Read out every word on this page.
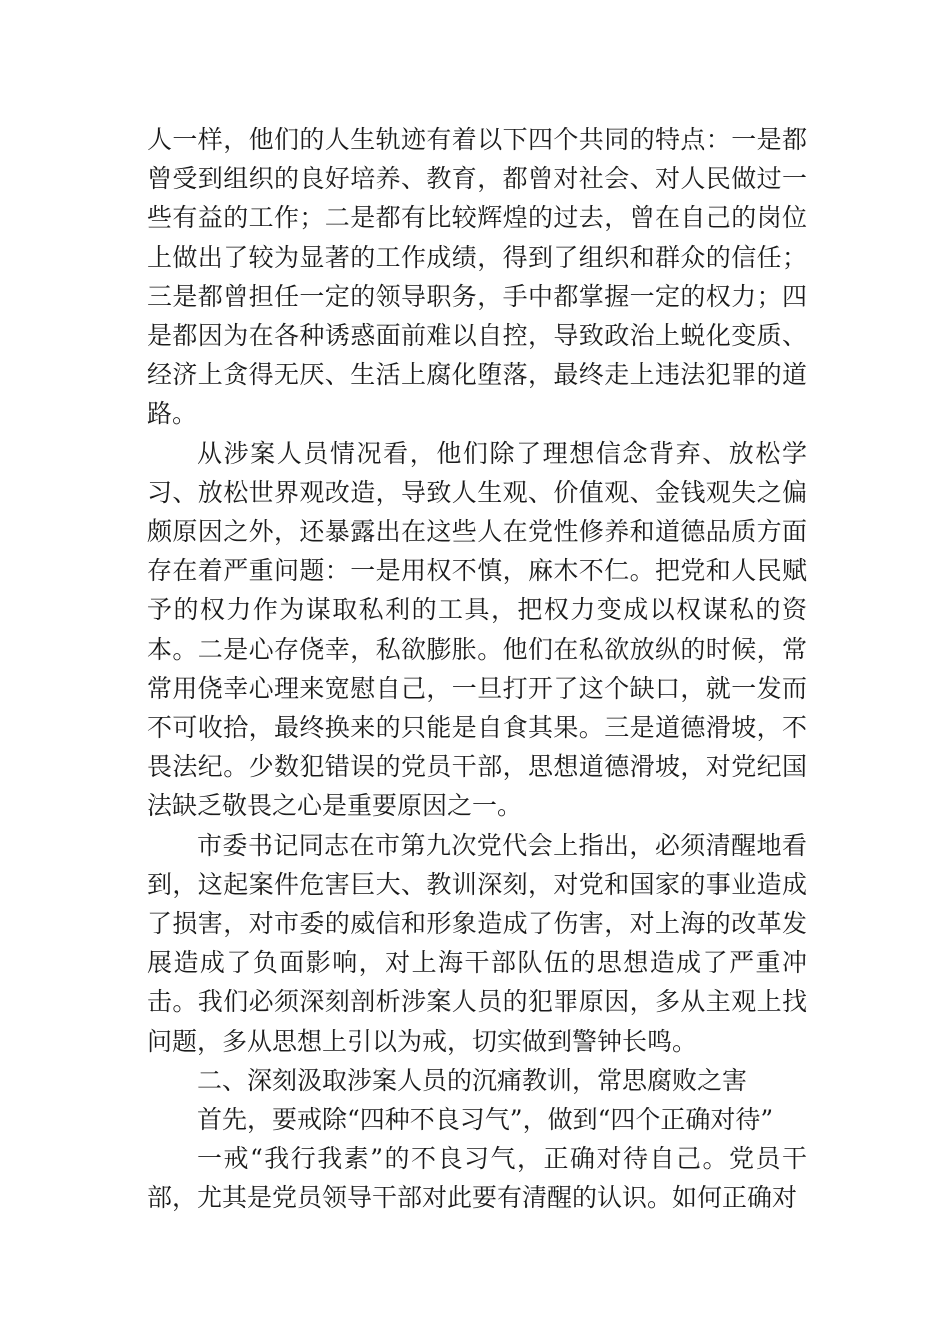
人一样，他们的人生轨迹有着以下四个共同的特点：一是都曾受到组织的良好培养、教育，都曾对社会、对人民做过一些有益的工作；二是都有比较辉煌的过去，曾在自己的岗位上做出了较为显著的工作成绩，得到了组织和群众的信任；三是都曾担任一定的领导职务，手中都掌握一定的权力；四是都因为在各种诱惑面前难以自控，导致政治上蜕化变质、经济上贪得无厌、生活上腐化堕落，最终走上违法犯罪的道路。

从涉案人员情况看，他们除了理想信念背弃、放松学习、放松世界观改造，导致人生观、价值观、金钱观失之偏颇原因之外，还暴露出在这些人在党性修养和道德品质方面存在着严重问题：一是用权不慎，麻木不仁。把党和人民赋予的权力作为谋取私利的工具，把权力变成以权谋私的资本。二是心存侥幸，私欲膨胀。他们在私欲放纵的时候，常常用侥幸心理来宽慰自己，一旦打开了这个缺口，就一发而不可收拾，最终换来的只能是自食其果。三是道德滑坡，不畏法纪。少数犯错误的党员干部，思想道德滑坡，对党纪国法缺乏敬畏之心是重要原因之一。

市委书记同志在市第九次党代会上指出，必须清醒地看到，这起案件危害巨大、教训深刻，对党和国家的事业造成了损害，对市委的威信和形象造成了伤害，对上海的改革发展造成了负面影响，对上海干部队伍的思想造成了严重冲击。我们必须深刻剖析涉案人员的犯罪原因，多从主观上找问题，多从思想上引以为戒，切实做到警钟长鸣。

二、深刻汲取涉案人员的沉痛教训，常思腐败之害

首先，要戒除“四种不良习气”，做到“四个正确对待”

一戒“我行我素”的不良习气，正确对待自己。党员干部，尤其是党员领导干部对此要有清醒的认识。如何正确对
